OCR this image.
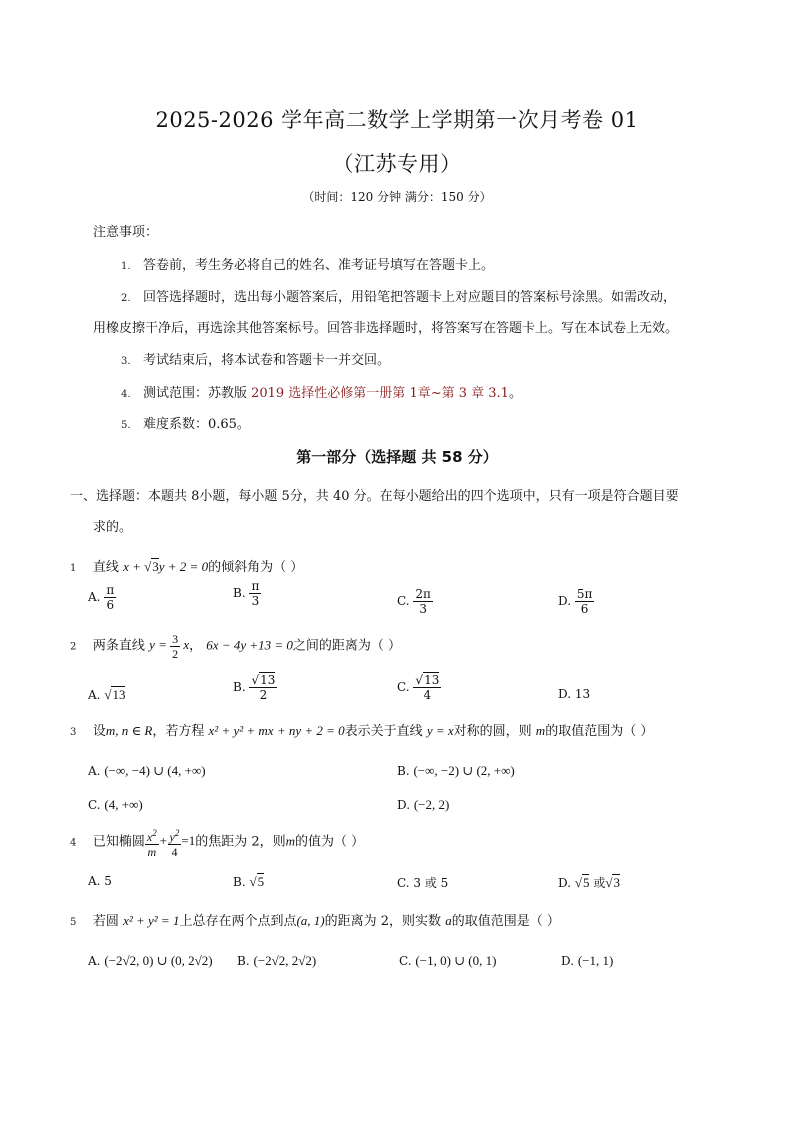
2025-2026 学年高二数学上学期第一次月考卷 01
（江苏专用）
（时间：120 分钟 满分：150 分）
注意事项：
1. 答卷前，考生务必将自己的姓名、准考证号填写在答题卡上。
2. 回答选择题时，选出每小题答案后，用铅笔把答题卡上对应题目的答案标号涂黑。如需改动，
用橡皮擦干净后，再选涂其他答案标号。回答非选择题时，将答案写在答题卡上。写在本试卷上无效。
3. 考试结束后，将本试卷和答题卡一并交回。
4. 测试范围：苏教版 2019 选择性必修第一册第 1章~第 3 章 3.1。
5. 难度系数：0.65。
第一部分（选择题 共 58 分）
一、选择题：本题共 8小题，每小题 5分，共 40 分。在每小题给出的四个选项中，只有一项是符合题目要
求的。
1 直线 x + √3y + 2 = 0的倾斜角为（ ）
A. $\frac{\pi}{6}$	B. $\frac{\pi}{3}$	C. $\frac{2\pi}{3}$	D. $\frac{5\pi}{6}$
2 两条直线 $y = \frac{3}{2}$ x， 6x − 4y +13 = 0之间的距离为（ ）
A. √13	B. $\frac{√13}{2}$	C. $\frac{√13}{4}$	D. 13
3 设m, n ∈ R，若方程 x² + y² + mx + ny + 2 = 0表示关于直线 y = x对称的圆，则 m的取值范围为（ ）
A. (−∞, −4) ∪ (4, +∞)	B. (−∞, −2) ∪ (2, +∞)
C. (4, +∞)	D. (−2, 2)
4 已知椭圆 $\frac{x^2}{m} + \frac{y^2}{4} =1$的焦距为 2，则m的值为（ ）
A. 5	B. √5	C. 3 或 5	D. √5 或√3
5 若圆 x² + y² = 1上总存在两个点到点(a, 1)的距离为 2，则实数 a的取值范围是（ ）
A. (−2√2, 0) ∪ (0, 2√2) B. (−2√2, 2√2)	C. (−1, 0) ∪ (0, 1)	D. (−1, 1)
